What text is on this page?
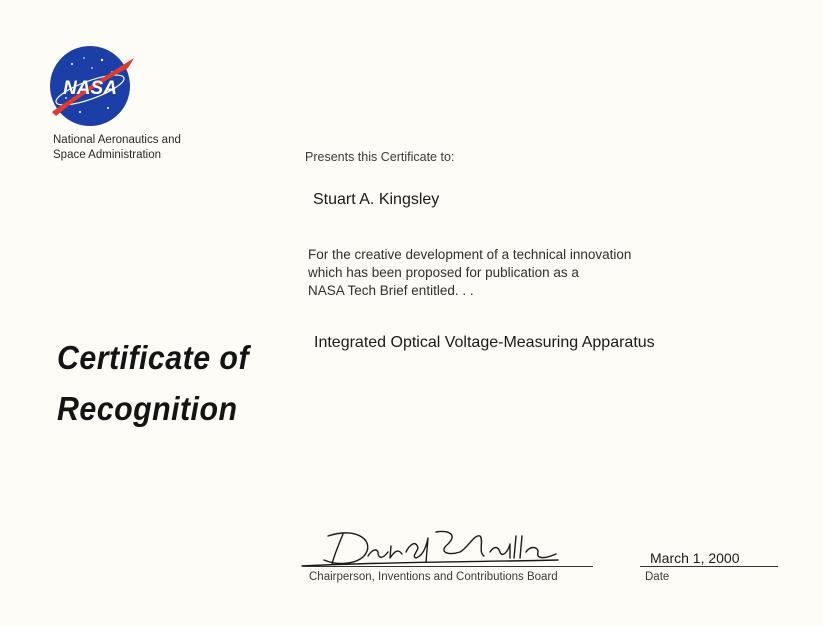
NASA
National Aeronautics and
Space Administration
Certificate of
Recognition
Presents this Certificate to:
Stuart A. Kingsley
For the creative development of a technical innovation
which has been proposed for publication as a
NASA Tech Brief entitled. . .
Integrated Optical Voltage-Measuring Apparatus
Chairperson, Inventions and Contributions Board
March 1, 2000
Date
